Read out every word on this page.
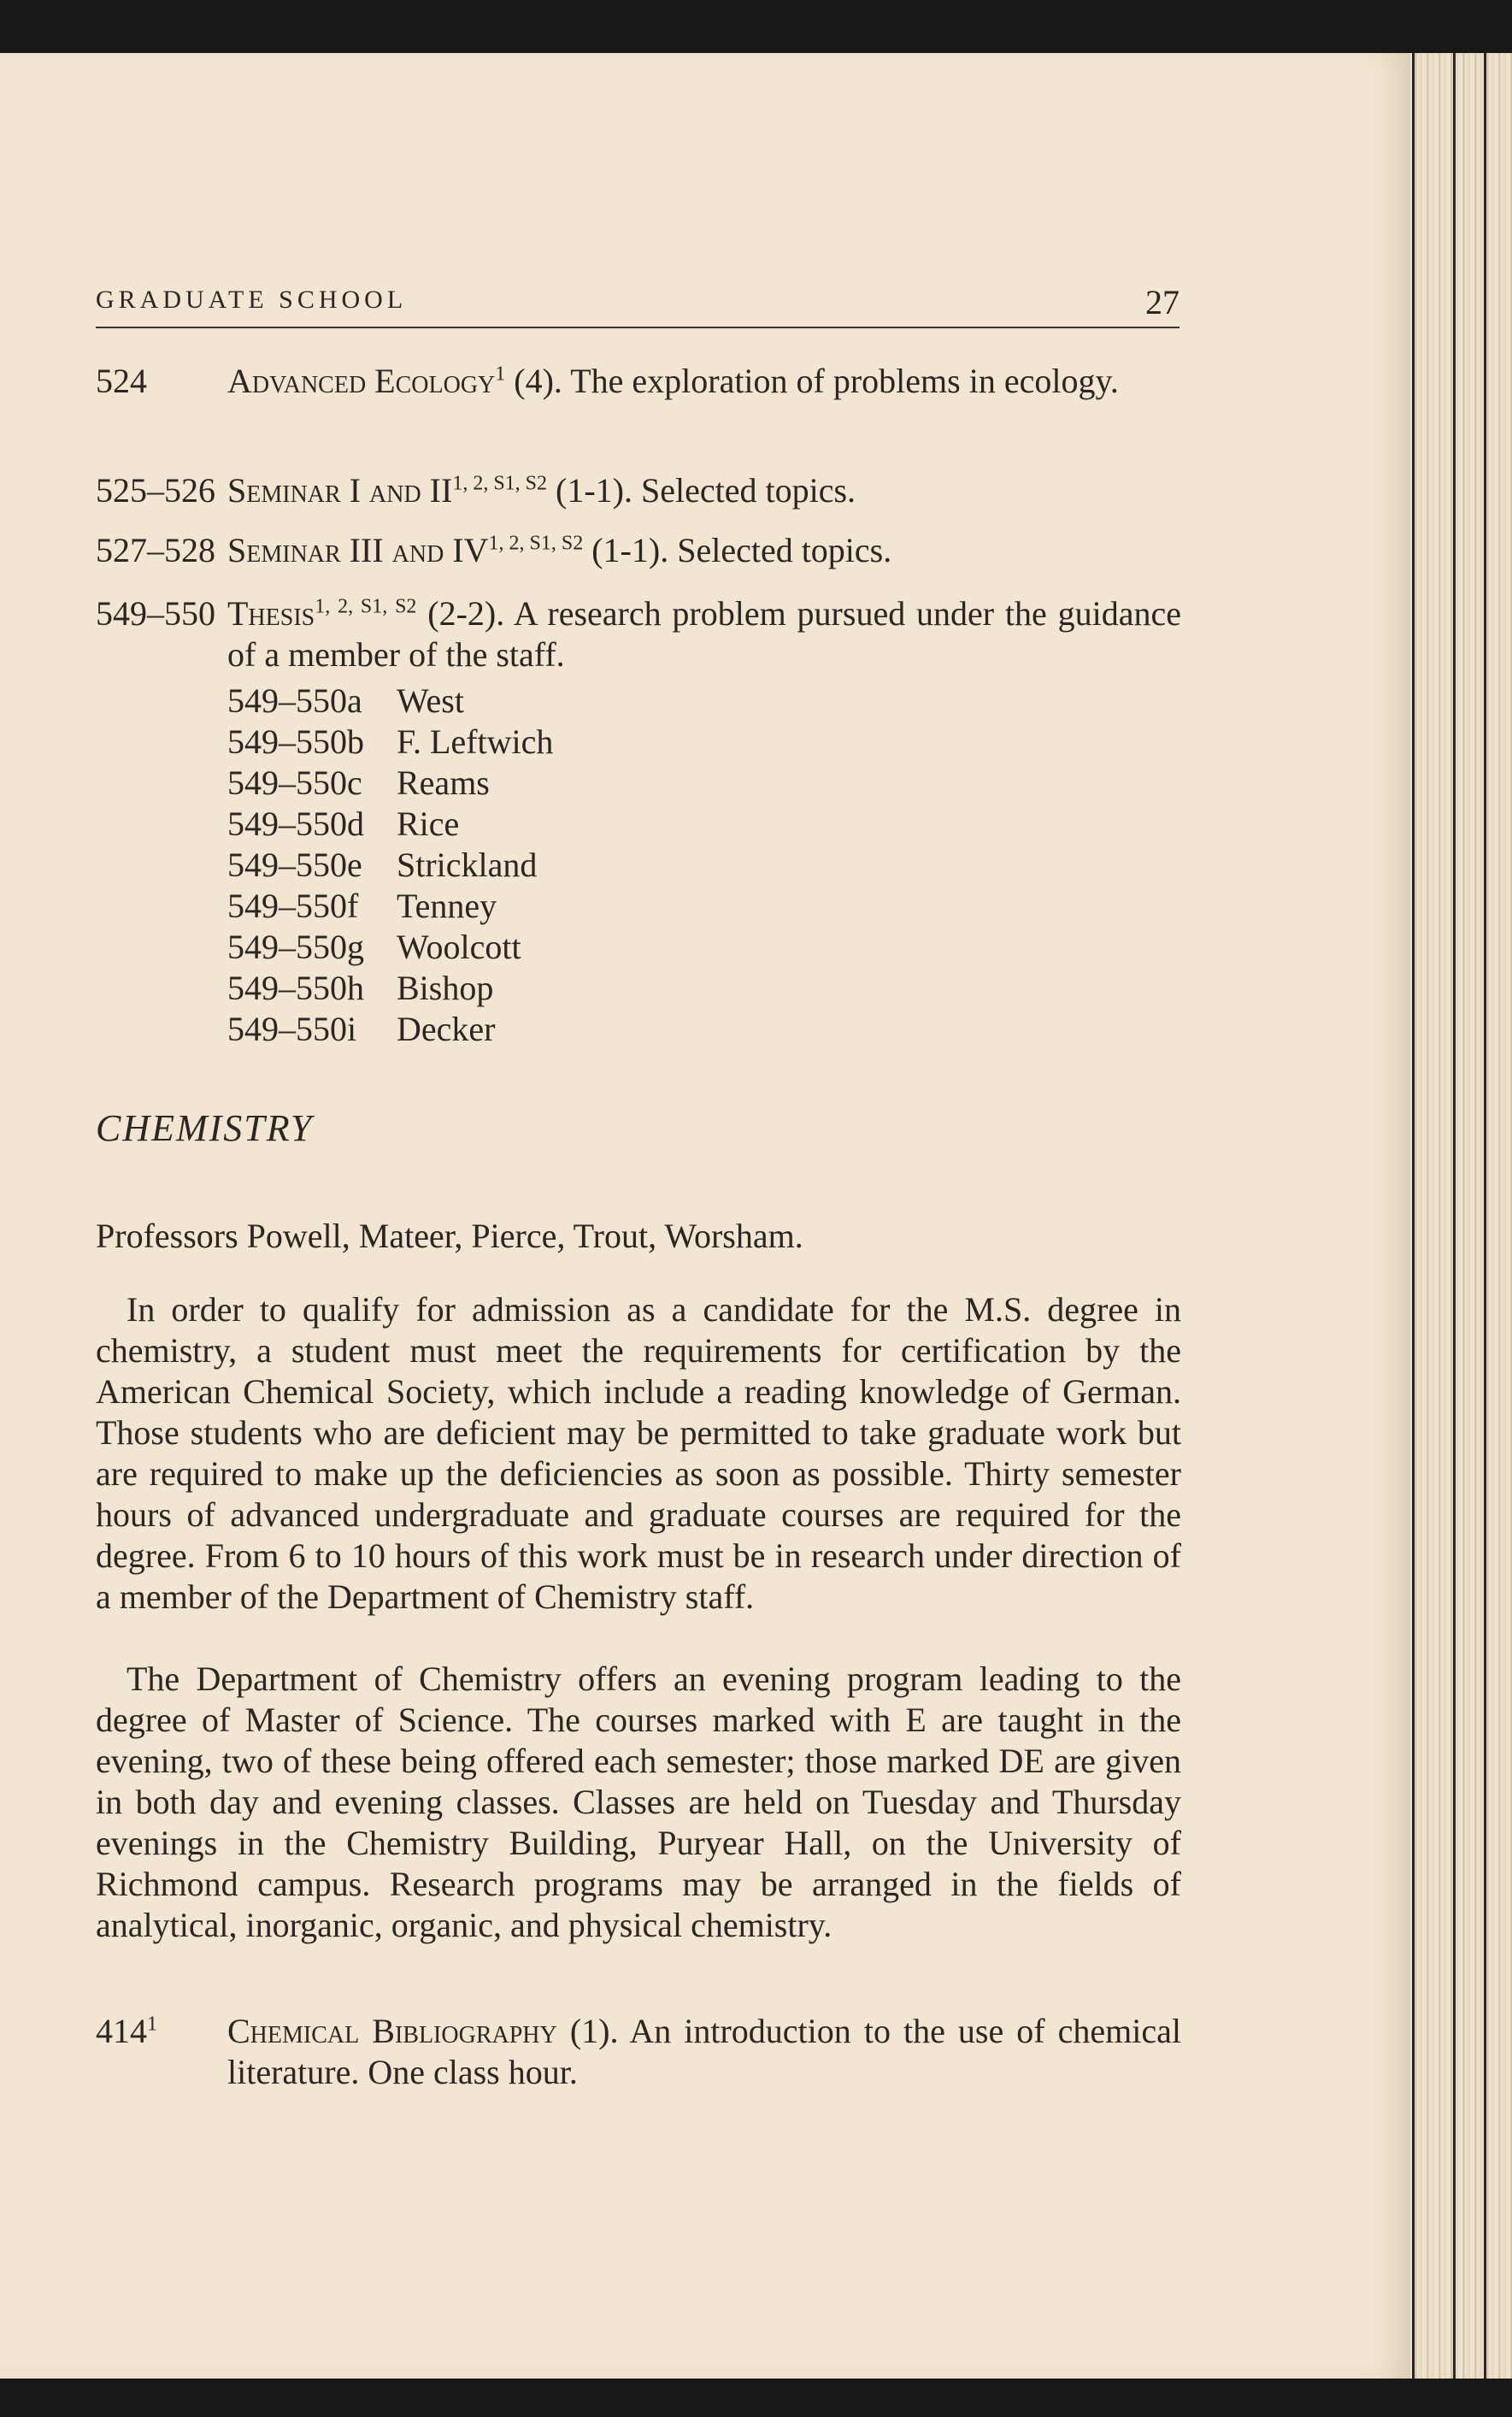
GRADUATE SCHOOL	27
524 Advanced Ecology$^1$ (4). The exploration of problems in ecology.
525–526 Seminar I and $II^{1, 2, S1, S2}$ (1-1). Selected topics.
527–528 Seminar III and $IV^{1, 2, S1, S2}$ (1-1). Selected topics.
549–550 Thesis$^{1, 2, S1, S2}$ (2-2). A research problem pursued under the guidance of a member of the staff.
549–550a	West
549–550b F. Leftwich
549–550c	Reams
549–550d Rice
549–550e	Strickland
549–550f	Tenney
549–550g Woolcott
549–550h Bishop
549–550i	Decker
CHEMISTRY
Professors Powell, Mateer, Pierce, Trout, Worsham.
In order to qualify for admission as a candidate for the M.S. degree in chemistry, a student must meet the requirements for certification by the American Chemical Society, which include a reading knowledge of German. Those students who are deficient may be permitted to take graduate work but are required to make up the deficiencies as soon as possible. Thirty semester hours of advanced undergraduate and graduate courses are required for the degree. From 6 to 10 hours of this work must be in research under direction of a member of the Department of Chemistry staff.
The Department of Chemistry offers an evening program leading to the degree of Master of Science. The courses marked with E are taught in the evening, two of these being offered each semester; those marked DE are given in both day and evening classes. Classes are held on Tuesday and Thursday evenings in the Chemistry Building, Puryear Hall, on the University of Richmond campus. Research programs may be arranged in the fields of analytical, inorganic, organic, and physical chemistry.
$414^1$ Chemical Bibliography (1). An introduction to the use of chemical literature. One class hour.
